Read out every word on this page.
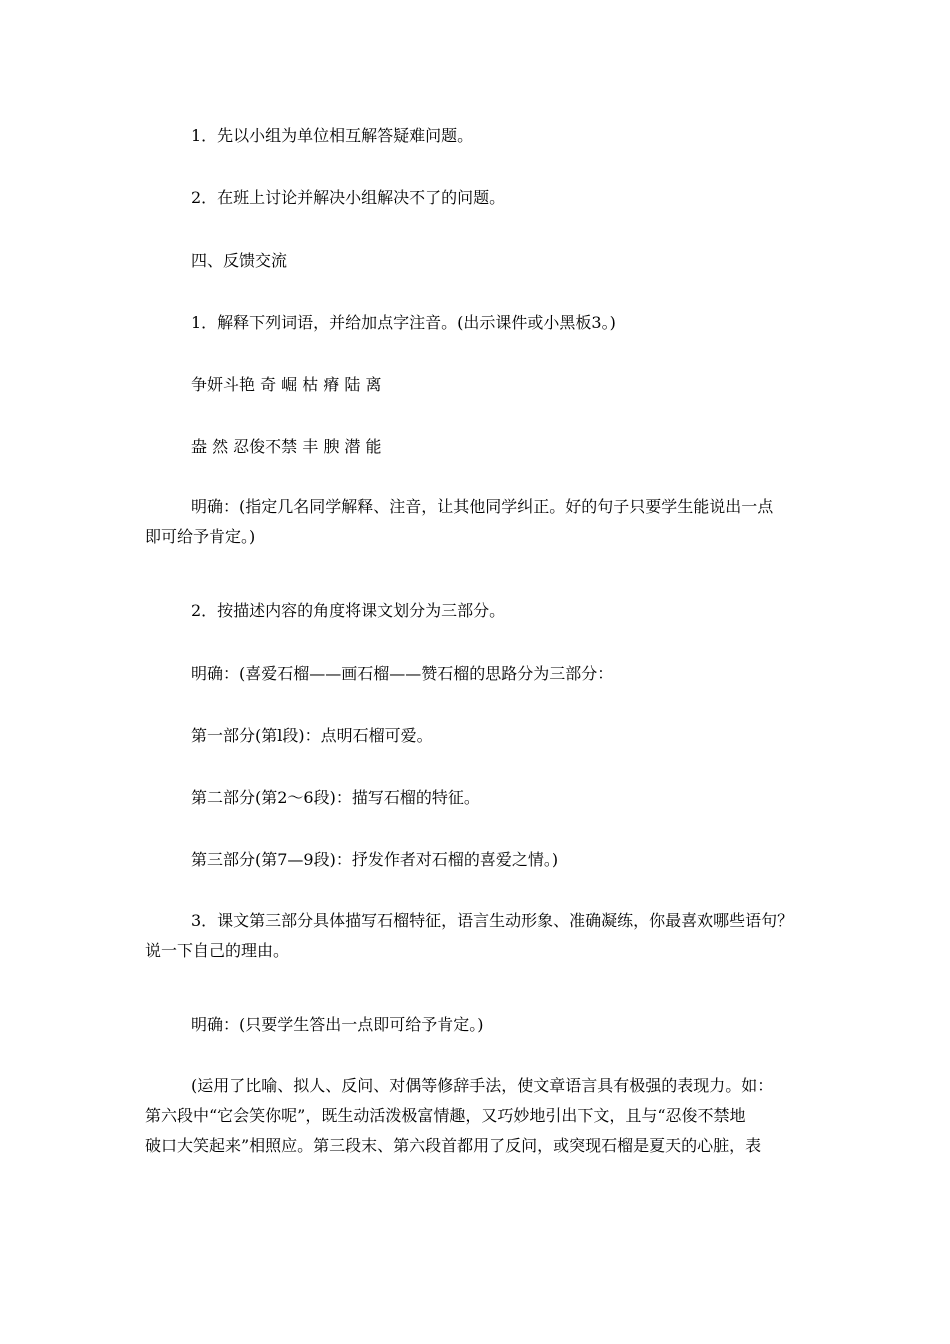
1．先以小组为单位相互解答疑难问题。
2．在班上讨论并解决小组解决不了的问题。
四、反馈交流
1．解释下列词语，并给加点字注音。(出示课件或小黑板3。)
争妍斗艳 奇 崛 枯 瘠 陆 离
盎 然 忍俊不禁 丰 腴 潜 能
明确：(指定几名同学解释、注音，让其他同学纠正。好的句子只要学生能说出一点
即可给予肯定。)
2．按描述内容的角度将课文划分为三部分。
明确：(喜爱石榴——画石榴——赞石榴的思路分为三部分：
第一部分(第l段)：点明石榴可爱。
第二部分(第2～6段)：描写石榴的特征。
第三部分(第7—9段)：抒发作者对石榴的喜爱之情。)
3．课文第三部分具体描写石榴特征，语言生动形象、准确凝练，你最喜欢哪些语句？
说一下自己的理由。
明确：(只要学生答出一点即可给予肯定。)
(运用了比喻、拟人、反问、对偶等修辞手法，使文章语言具有极强的表现力。如：
第六段中“它会笑你呢”，既生动活泼极富情趣，又巧妙地引出下文，且与“忍俊不禁地
破口大笑起来”相照应。第三段末、第六段首都用了反问，或突现石榴是夏天的心脏，表
